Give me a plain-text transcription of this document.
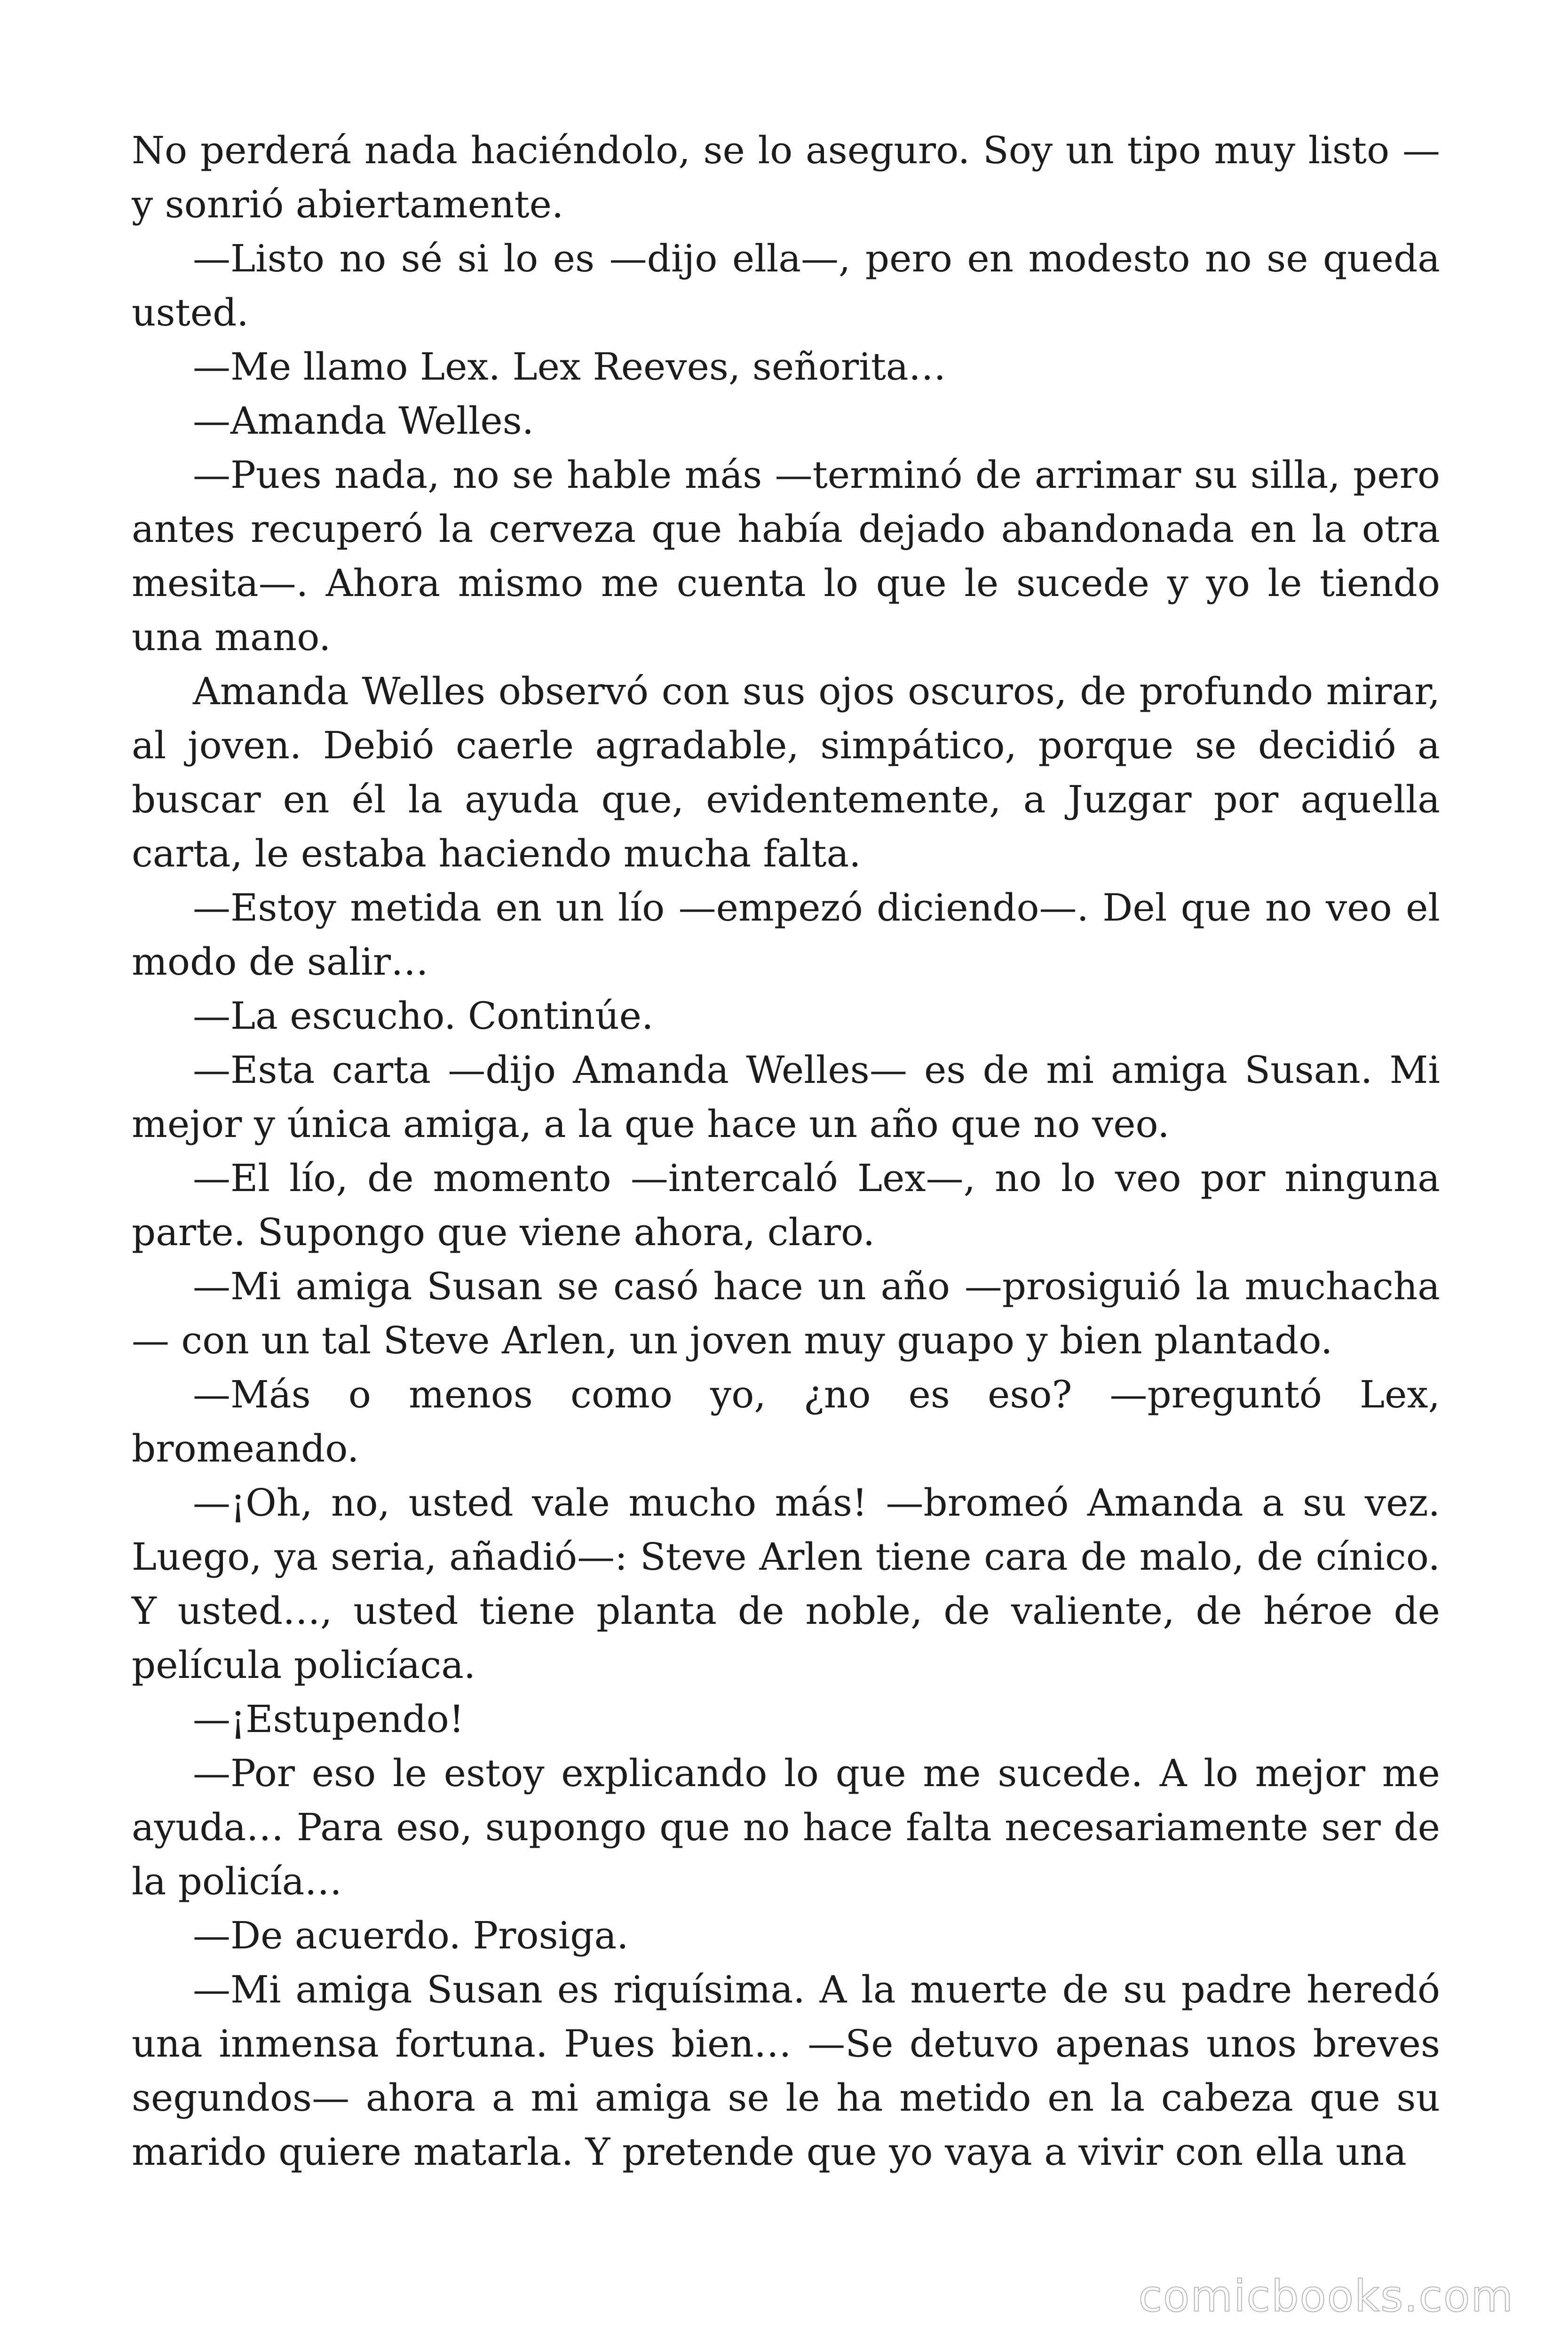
No perderá nada haciéndolo, se lo aseguro. Soy un tipo muy listo — y sonrió abiertamente.

—Listo no sé si lo es —dijo ella—, pero en modesto no se queda usted.

—Me llamo Lex. Lex Reeves, señorita…

—Amanda Welles.

—Pues nada, no se hable más —terminó de arrimar su silla, pero antes recuperó la cerveza que había dejado abandonada en la otra mesita—. Ahora mismo me cuenta lo que le sucede y yo le tiendo una mano.

Amanda Welles observó con sus ojos oscuros, de profundo mirar, al joven. Debió caerle agradable, simpático, porque se decidió a buscar en él la ayuda que, evidentemente, a Juzgar por aquella carta, le estaba haciendo mucha falta.

—Estoy metida en un lío —empezó diciendo—. Del que no veo el modo de salir…

—La escucho. Continúe.

—Esta carta —dijo Amanda Welles— es de mi amiga Susan. Mi mejor y única amiga, a la que hace un año que no veo.

—El lío, de momento —intercaló Lex—, no lo veo por ninguna parte. Supongo que viene ahora, claro.

—Mi amiga Susan se casó hace un año —prosiguió la muchacha — con un tal Steve Arlen, un joven muy guapo y bien plantado.

—Más o menos como yo, ¿no es eso? —preguntó Lex, bromeando.

—¡Oh, no, usted vale mucho más! —bromeó Amanda a su vez. Luego, ya seria, añadió—: Steve Arlen tiene cara de malo, de cínico. Y usted…, usted tiene planta de noble, de valiente, de héroe de película policíaca.

—¡Estupendo!

—Por eso le estoy explicando lo que me sucede. A lo mejor me ayuda… Para eso, supongo que no hace falta necesariamente ser de la policía…

—De acuerdo. Prosiga.

—Mi amiga Susan es riquísima. A la muerte de su padre heredó una inmensa fortuna. Pues bien… —Se detuvo apenas unos breves segundos— ahora a mi amiga se le ha metido en la cabeza que su marido quiere matarla. Y pretende que yo vaya a vivir con ella una

comicbooks.com
